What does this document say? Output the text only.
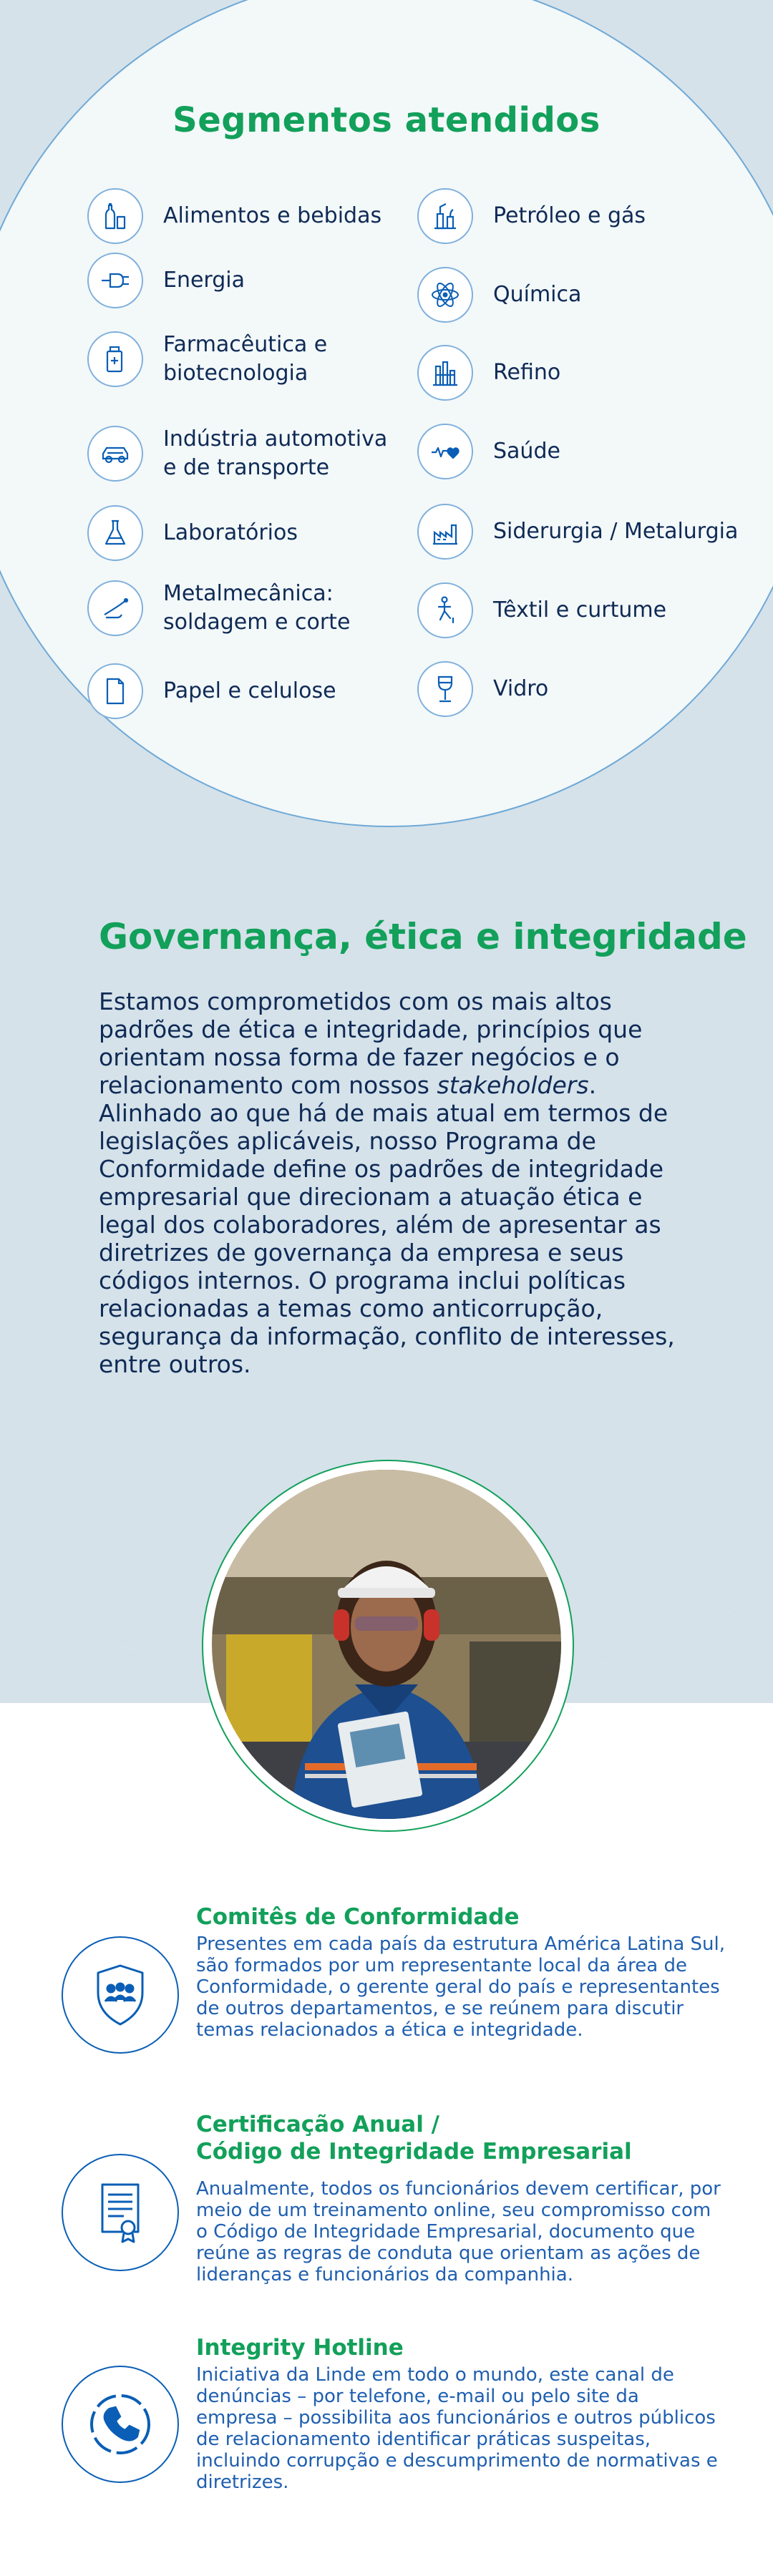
Segmentos atendidos
Alimentos e bebidas
Energia
Farmacêutica e
biotecnologia
Indústria automotiva
e de transporte
Laboratórios
Metalmecânica:
soldagem e corte
Papel e celulose
Petróleo e gás
Química
Refino
Saúde
Siderurgia / Metalurgia
Têxtil e curtume
Vidro
Governança, ética e integridade
Estamos comprometidos com os mais altos padrões de ética e integridade, princípios que orientam nossa forma de fazer negócios e o relacionamento com nossos stakeholders. Alinhado ao que há de mais atual em termos de legislações aplicáveis, nosso Programa de Conformidade define os padrões de integridade empresarial que direcionam a atuação ética e legal dos colaboradores, além de apresentar as diretrizes de governança da empresa e seus códigos internos. O programa inclui políticas relacionadas a temas como anticorrupção, segurança da informação, conflito de interesses, entre outros.
Comitês de Conformidade
Presentes em cada país da estrutura América Latina Sul, são formados por um representante local da área de Conformidade, o gerente geral do país e representantes de outros departamentos, e se reúnem para discutir temas relacionados a ética e integridade.
Certificação Anual /
Código de Integridade Empresarial
Anualmente, todos os funcionários devem certificar, por meio de um treinamento online, seu compromisso com o Código de Integridade Empresarial, documento que reúne as regras de conduta que orientam as ações de lideranças e funcionários da companhia.
Integrity Hotline
Iniciativa da Linde em todo o mundo, este canal de denúncias – por telefone, e-mail ou pelo site da empresa – possibilita aos funcionários e outros públicos de relacionamento identificar práticas suspeitas, incluindo corrupção e descumprimento de normativas e diretrizes.
